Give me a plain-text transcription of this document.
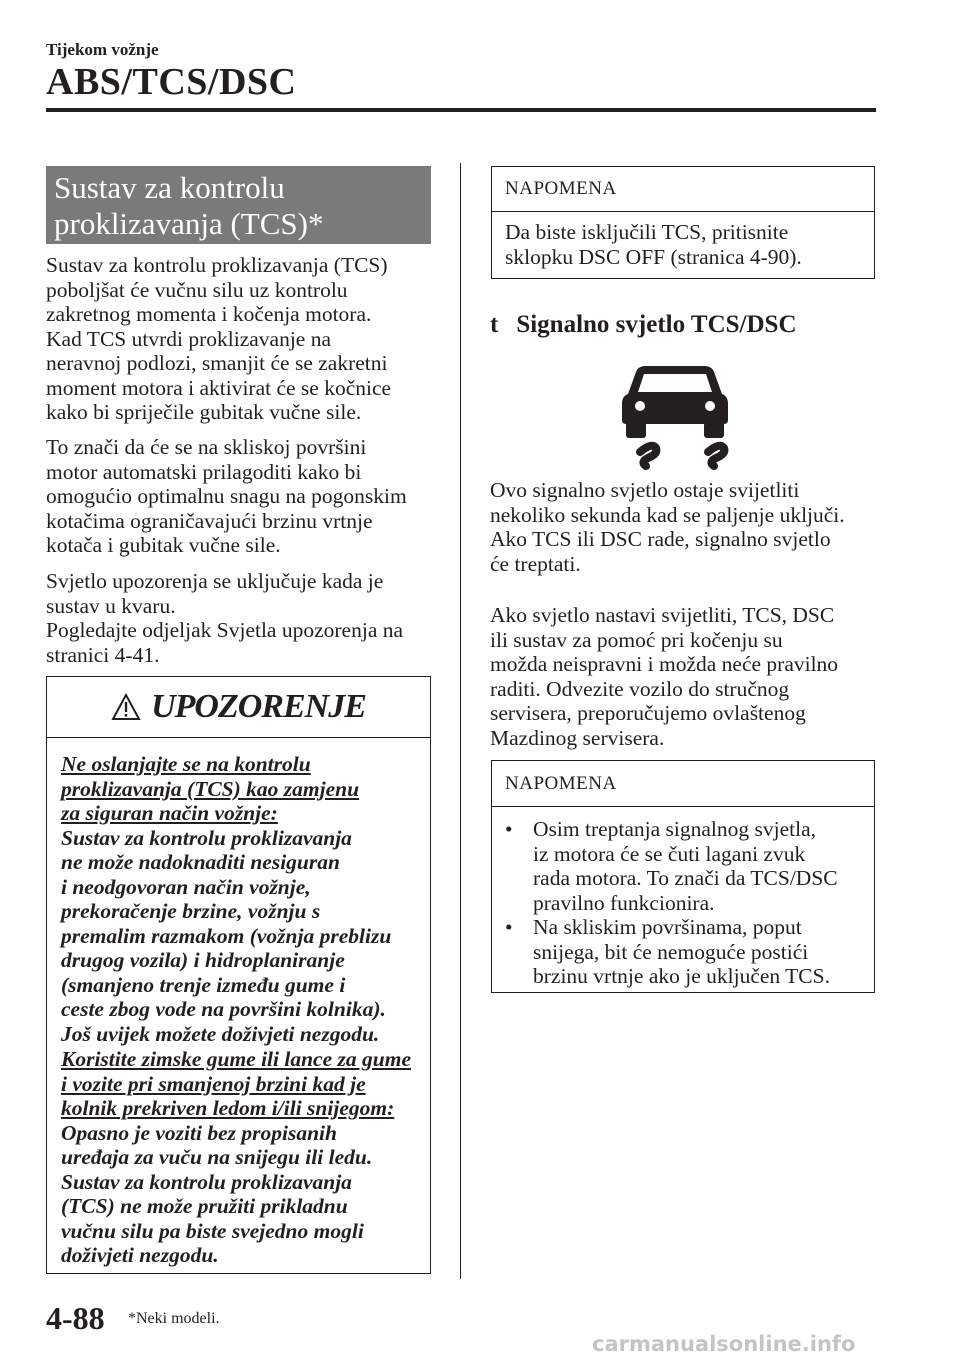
Tijekom vožnje
ABS/TCS/DSC
Sustav za kontrolu
proklizavanja (TCS)*
Sustav za kontrolu proklizavanja (TCS)
poboljšat će vučnu silu uz kontrolu
zakretnog momenta i kočenja motora.
Kad TCS utvrdi proklizavanje na
neravnoj podlozi, smanjit će se zakretni
moment motora i aktivirat će se kočnice
kako bi spriječile gubitak vučne sile.
To znači da će se na skliskoj površini
motor automatski prilagoditi kako bi
omogućio optimalnu snagu na pogonskim
kotačima ograničavajući brzinu vrtnje
kotača i gubitak vučne sile.
Svjetlo upozorenja se uključuje kada je
sustav u kvaru.
Pogledajte odjeljak Svjetla upozorenja na
stranici 4-41.
UPOZORENJE
Ne oslanjajte se na kontrolu
proklizavanja (TCS) kao zamjenu
za siguran način vožnje:
Sustav za kontrolu proklizavanja
ne može nadoknaditi nesiguran
i neodgovoran način vožnje,
prekoračenje brzine, vožnju s
premalim razmakom (vožnja preblizu
drugog vozila) i hidroplaniranje
(smanjeno trenje između gume i
ceste zbog vode na površini kolnika).
Još uvijek možete doživjeti nezgodu.
Koristite zimske gume ili lance za gume
i vozite pri smanjenoj brzini kad je
kolnik prekriven ledom i/ili snijegom:
Opasno je voziti bez propisanih
uređaja za vuču na snijegu ili ledu.
Sustav za kontrolu proklizavanja
(TCS) ne može pružiti prikladnu
vučnu silu pa biste svejedno mogli
doživjeti nezgodu.
NAPOMENA
Da biste isključili TCS, pritisnite
sklopku DSC OFF (stranica 4-90).
t Signalno svjetlo TCS/DSC
Ovo signalno svjetlo ostaje svijetliti
nekoliko sekunda kad se paljenje uključi.
Ako TCS ili DSC rade, signalno svjetlo
će treptati.
Ako svjetlo nastavi svijetliti, TCS, DSC
ili sustav za pomoć pri kočenju su
možda neispravni i možda neće pravilno
raditi. Odvezite vozilo do stručnog
servisera, preporučujemo ovlaštenog
Mazdinog servisera.
NAPOMENA
• Osim treptanja signalnog svjetla,
iz motora će se čuti lagani zvuk
rada motora. To znači da TCS/DSC
pravilno funkcionira.
• Na skliskim površinama, poput
snijega, bit će nemoguće postići
brzinu vrtnje ako je uključen TCS.
4-88 *Neki modeli.
carmanualsonline.info
